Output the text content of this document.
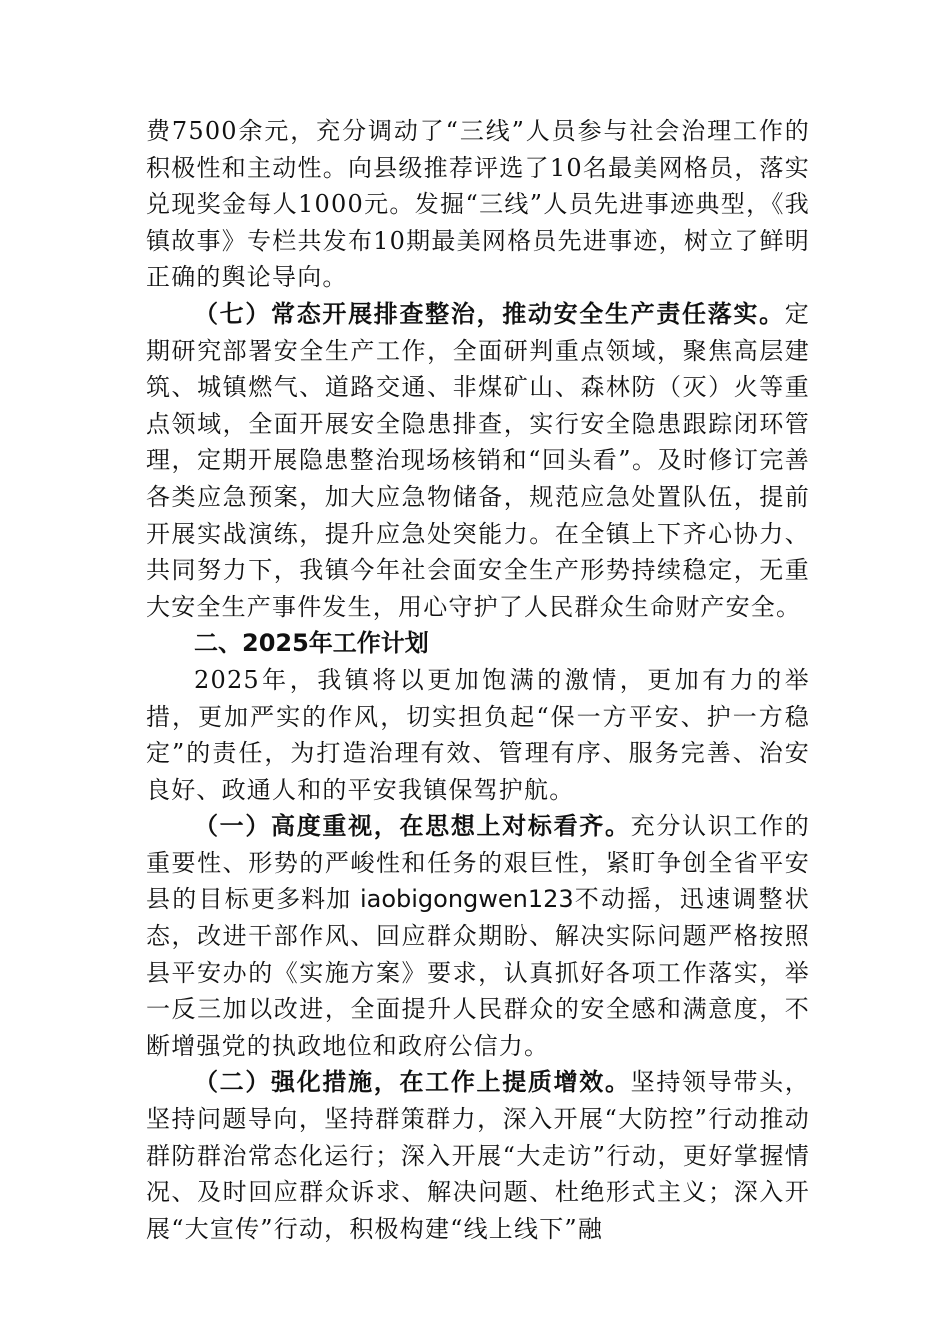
费7500余元，充分调动了“三线”人员参与社会治理工作的积极性和主动性。向县级推荐评选了10名最美网格员，落实兑现奖金每人1000元。发掘“三线”人员先进事迹典型，《我镇故事》专栏共发布10期最美网格员先进事迹，树立了鲜明正确的舆论导向。

（七）常态开展排查整治，推动安全生产责任落实。定期研究部署安全生产工作，全面研判重点领域，聚焦高层建筑、城镇燃气、道路交通、非煤矿山、森林防（灭）火等重点领域，全面开展安全隐患排查，实行安全隐患跟踪闭环管理，定期开展隐患整治现场核销和“回头看”。及时修订完善各类应急预案，加大应急物储备，规范应急处置队伍，提前开展实战演练，提升应急处突能力。在全镇上下齐心协力、共同努力下，我镇今年社会面安全生产形势持续稳定，无重大安全生产事件发生，用心守护了人民群众生命财产安全。

二、2025年工作计划

2025年，我镇将以更加饱满的激情，更加有力的举措，更加严实的作风，切实担负起“保一方平安、护一方稳定”的责任，为打造治理有效、管理有序、服务完善、治安良好、政通人和的平安我镇保驾护航。

（一）高度重视，在思想上对标看齐。充分认识工作的重要性、形势的严峻性和任务的艰巨性，紧盯争创全省平安县的目标更多料加 iaobigongwen123不动摇，迅速调整状态，改进干部作风、回应群众期盼、解决实际问题严格按照县平安办的《实施方案》要求，认真抓好各项工作落实，举一反三加以改进，全面提升人民群众的安全感和满意度，不断增强党的执政地位和政府公信力。

（二）强化措施，在工作上提质增效。坚持领导带头，坚持问题导向，坚持群策群力，深入开展“大防控”行动推动群防群治常态化运行；深入开展“大走访”行动，更好掌握情况、及时回应群众诉求、解决问题、杜绝形式主义；深入开展“大宣传”行动，积极构建“线上线下”融
